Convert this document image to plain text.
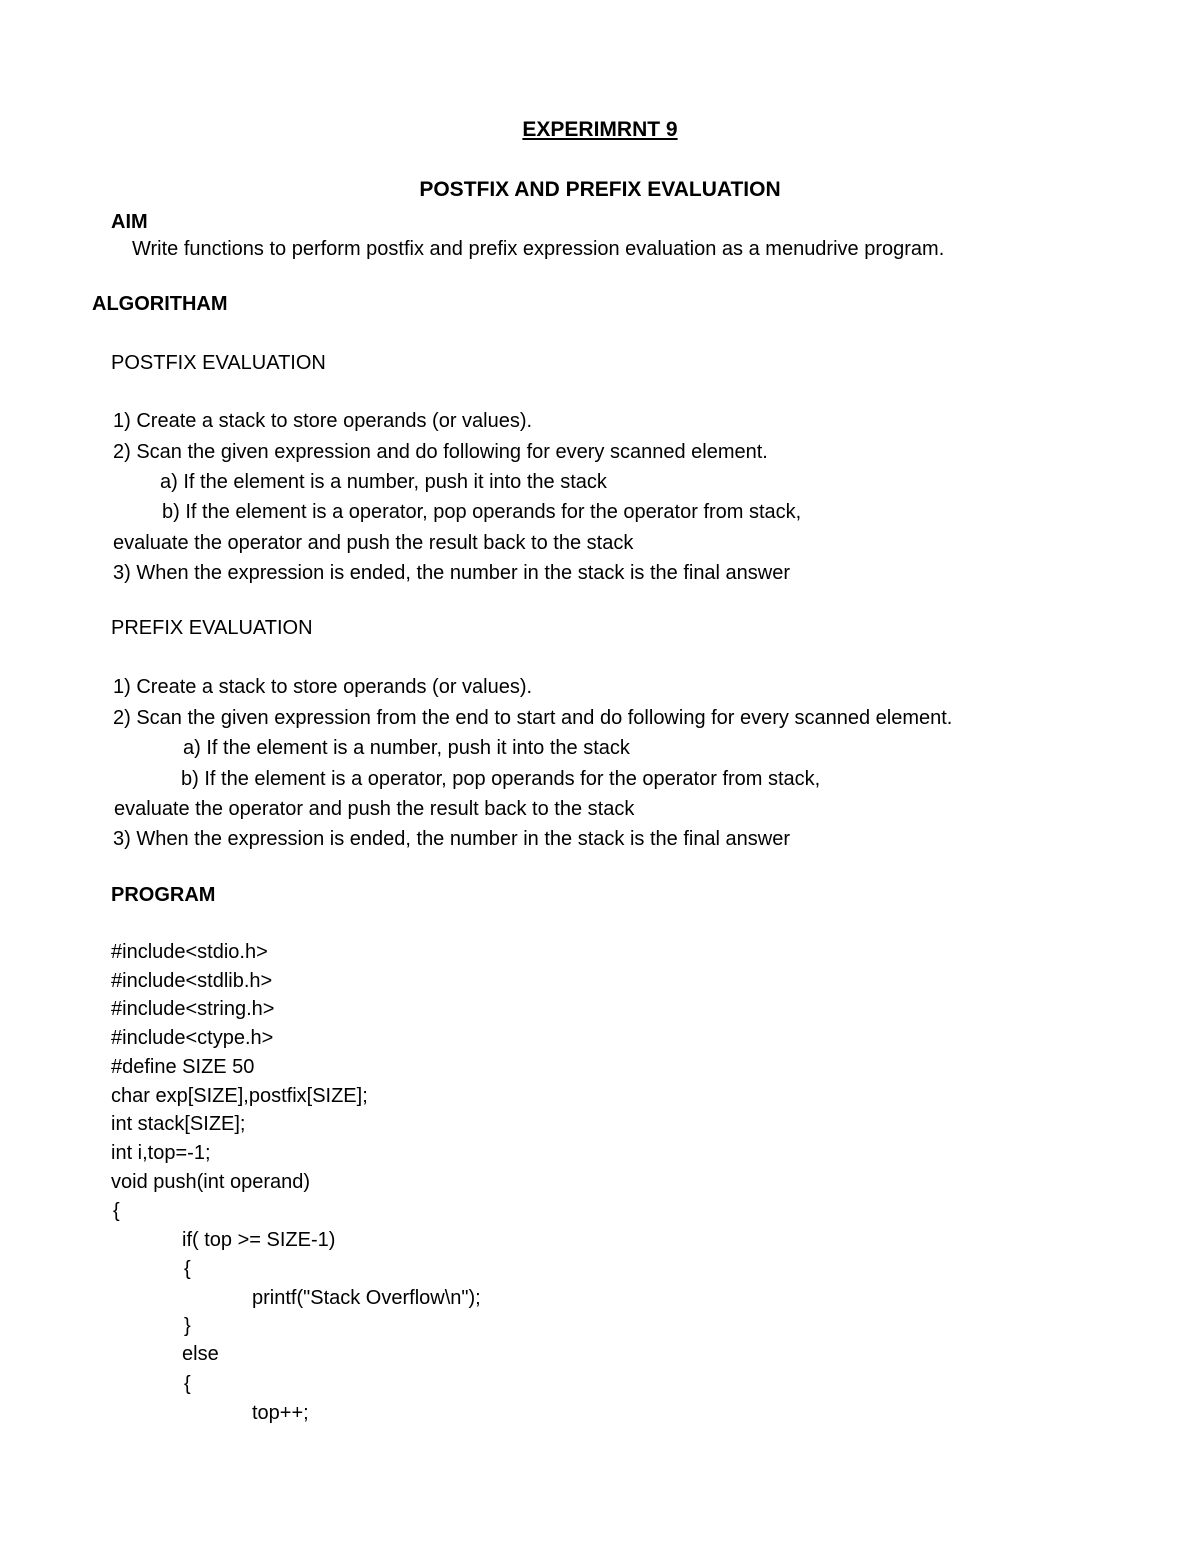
EXPERIMRNT 9
POSTFIX AND PREFIX EVALUATION
AIM
Write functions to perform postfix and prefix expression evaluation as a menudrive program.
ALGORITHAM
POSTFIX EVALUATION
1) Create a stack to store operands (or values).
2) Scan the given expression and do following for every scanned element.
a) If the element is a number, push it into the stack
b) If the element is a operator, pop operands for the operator from stack,
evaluate the operator and push the result back to the stack
3) When the expression is ended, the number in the stack is the final answer
PREFIX EVALUATION
1) Create a stack to store operands (or values).
2) Scan the given expression from the end to start and do following for every scanned element.
a) If the element is a number, push it into the stack
b) If the element is a operator, pop operands for the operator from stack,
evaluate the operator and push the result back to the stack
3) When the expression is ended, the number in the stack is the final answer
PROGRAM
#include<stdio.h>
#include<stdlib.h>
#include<string.h>
#include<ctype.h>
#define SIZE 50
char exp[SIZE],postfix[SIZE];
int stack[SIZE];
int i,top=-1;
void push(int operand)
{
if( top >= SIZE-1)
{
printf("Stack Overflow\n");
}
else
{
top++;
